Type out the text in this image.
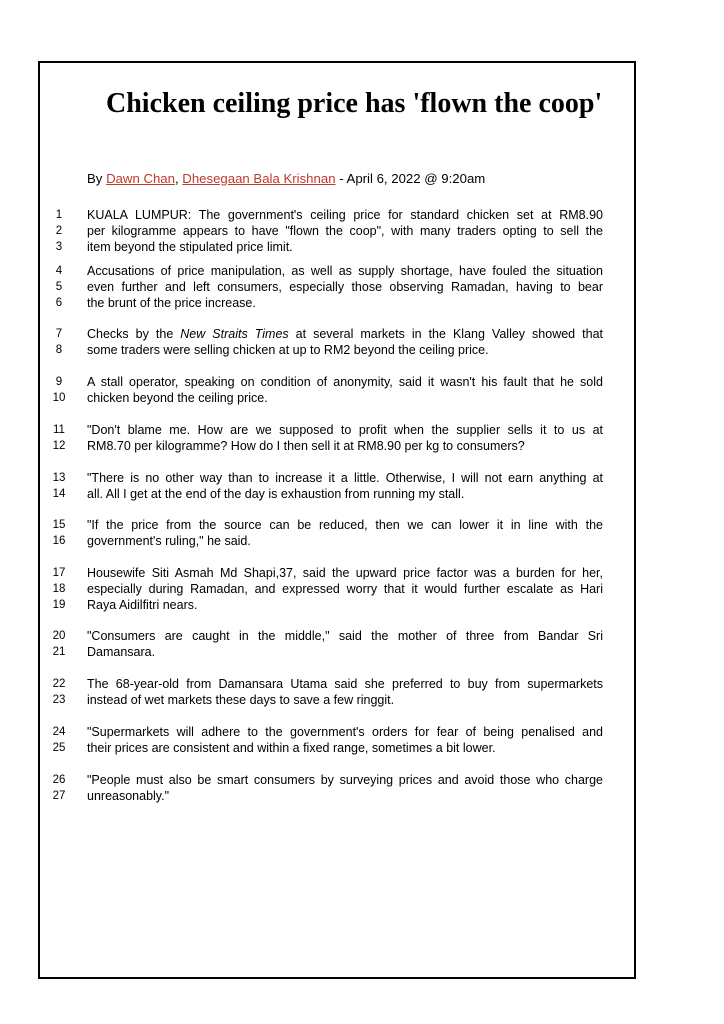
Chicken ceiling price has 'flown the coop'
By Dawn Chan, Dhesegaan Bala Krishnan - April 6, 2022 @ 9:20am
1	KUALA LUMPUR: The government's ceiling price for standard chicken set at RM8.90
2	per kilogramme appears to have "flown the coop", with many traders opting to sell the
3	item beyond the stipulated price limit.
4	Accusations of price manipulation, as well as supply shortage, have fouled the situation
5	even further and left consumers, especially those observing Ramadan, having to bear
6	the brunt of the price increase.
7	Checks by the New Straits Times at several markets in the Klang Valley showed that
8	some traders were selling chicken at up to RM2 beyond the ceiling price.
9	A stall operator, speaking on condition of anonymity, said it wasn't his fault that he sold
10	chicken beyond the ceiling price.
11	"Don't blame me. How are we supposed to profit when the supplier sells it to us at
12	RM8.70 per kilogramme? How do I then sell it at RM8.90 per kg to consumers?
13	"There is no other way than to increase it a little. Otherwise, I will not earn anything at
14	all. All I get at the end of the day is exhaustion from running my stall.
15	"If the price from the source can be reduced, then we can lower it in line with the
16	government's ruling," he said.
17	Housewife Siti Asmah Md Shapi,37, said the upward price factor was a burden for her,
18	especially during Ramadan, and expressed worry that it would further escalate as Hari
19	Raya Aidilfitri nears.
20	"Consumers are caught in the middle," said the mother of three from Bandar Sri
21	Damansara.
22	The 68-year-old from Damansara Utama said she preferred to buy from supermarkets
23	instead of wet markets these days to save a few ringgit.
24	"Supermarkets will adhere to the government's orders for fear of being penalised and
25	their prices are consistent and within a fixed range, sometimes a bit lower.
26	"People must also be smart consumers by surveying prices and avoid those who charge
27	unreasonably."
